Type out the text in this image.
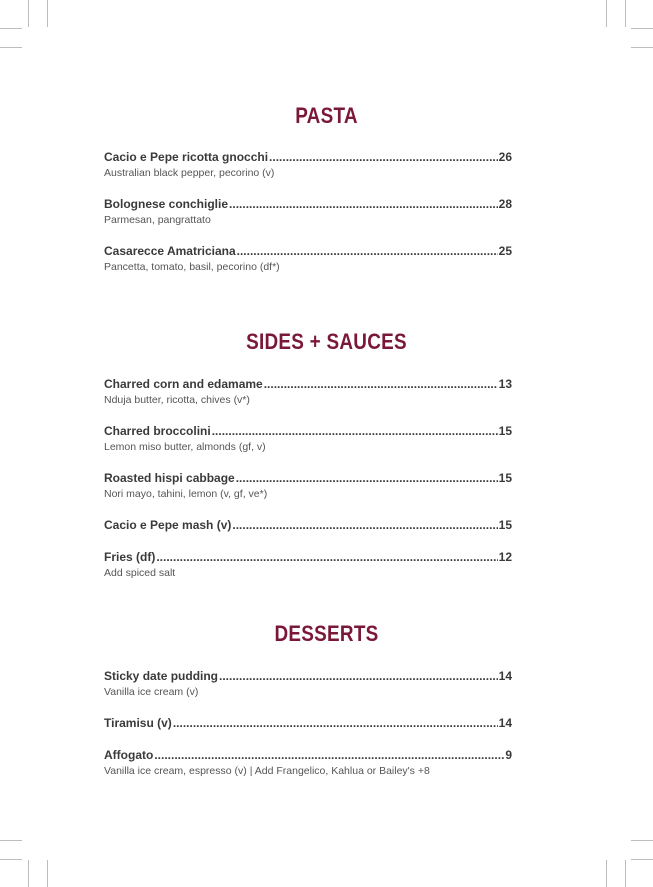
PASTA
Cacio e Pepe ricotta gnocchi .....	26
Australian black pepper, pecorino (v)
Bolognese conchiglie .....	28
Parmesan, pangrattato
Casarecce Amatriciana .....	25
Pancetta, tomato, basil, pecorino (df*)
SIDES + SAUCES
Charred corn and edamame .....	13
Nduja butter, ricotta, chives (v*)
Charred broccolini .....	15
Lemon miso butter, almonds (gf, v)
Roasted hispi cabbage .....	15
Nori mayo, tahini, lemon (v, gf, ve*)
Cacio e Pepe mash (v) .....	15
Fries (df) .....	12
Add spiced salt
DESSERTS
Sticky date pudding .....	14
Vanilla ice cream (v)
Tiramisu (v) .....	14
Affogato .....	9
Vanilla ice cream, espresso (v) | Add Frangelico, Kahlua or Bailey's +8
